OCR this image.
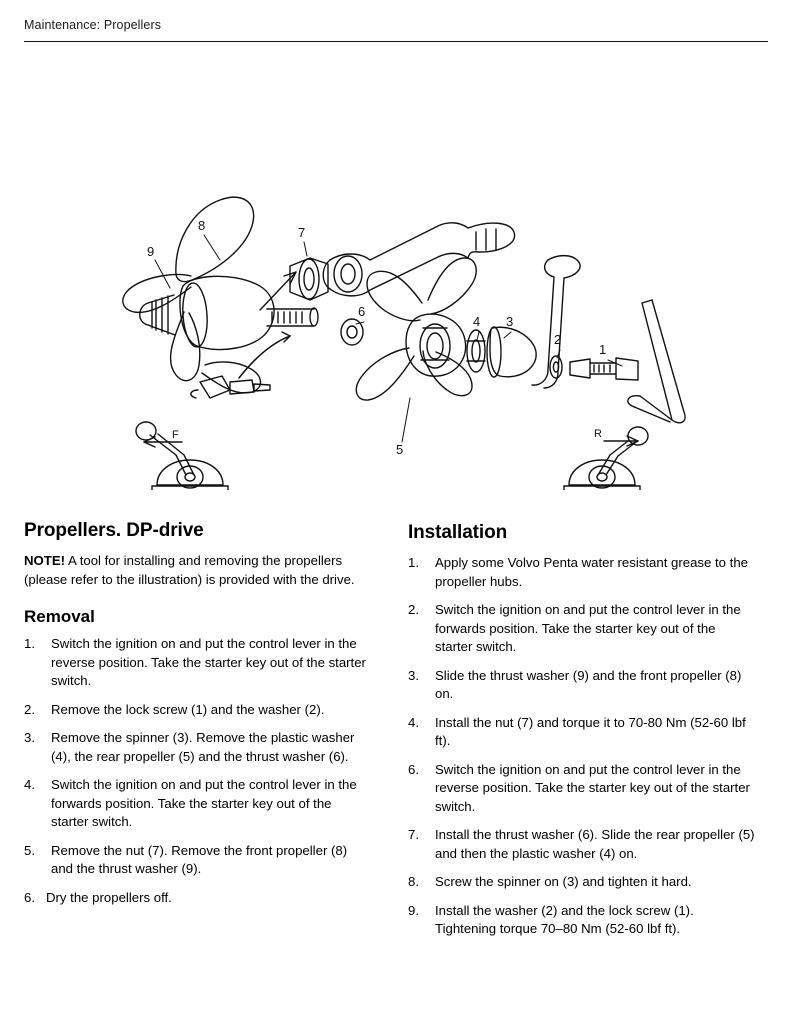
Maintenance: Propellers
1
2
3
4
5
6
7
8
9
F	R
Propellers. DP-drive

NOTE! A tool for installing and removing the propellers (please refer to the illustration) is provided with the drive.

Removal
1.	Switch the ignition on and put the control lever in the reverse position. Take the starter key out of the starter switch.
2.	Remove the lock screw (1) and the washer (2).
3.	Remove the spinner (3). Remove the plastic washer (4), the rear propeller (5) and the thrust washer (6).
4.	Switch the ignition on and put the control lever in the forwards position. Take the starter key out of the starter switch.
5.	Remove the nut (7). Remove the front propeller (8) and the thrust washer (9).
6. Dry the propellers off.
Installation
1.	Apply some Volvo Penta water resistant grease to the propeller hubs.
2.	Switch the ignition on and put the control lever in the forwards position. Take the starter key out of the starter switch.
3.	Slide the thrust washer (9) and the front propeller (8) on.
4.	Install the nut (7) and torque it to 70-80 Nm (52-60 lbf ft).
6.	Switch the ignition on and put the control lever in the reverse position. Take the starter key out of the starter switch.
7.	Install the thrust washer (6). Slide the rear propeller (5) and then the plastic washer (4) on.
8.	Screw the spinner on (3) and tighten it hard.
9.	Install the washer (2) and the lock screw (1). Tightening torque 70–80 Nm (52-60 lbf ft).
